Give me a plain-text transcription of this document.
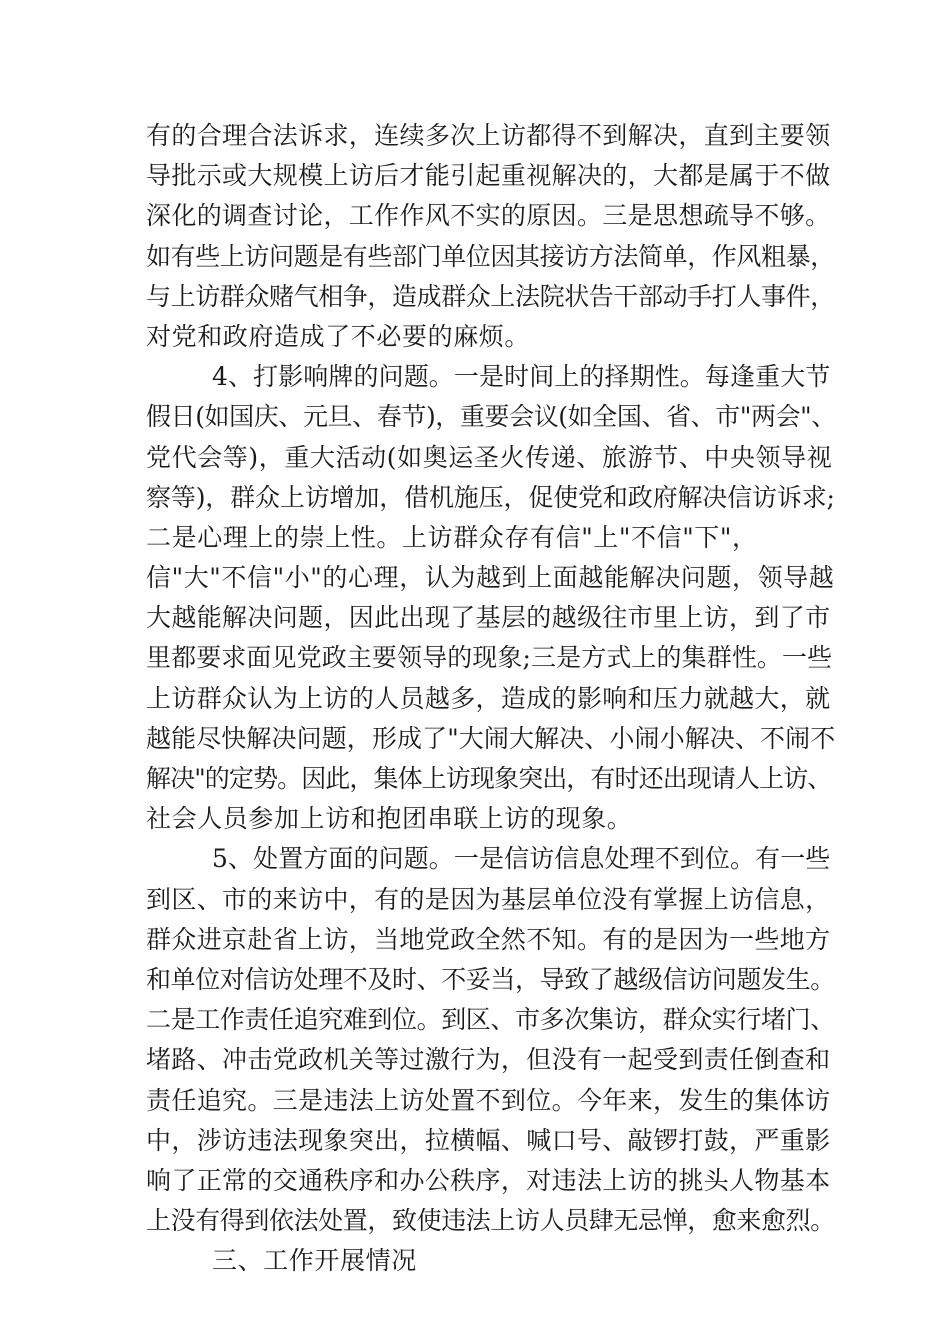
有的合理合法诉求，连续多次上访都得不到解决，直到主要领
导批示或大规模上访后才能引起重视解决的，大都是属于不做
深化的调查讨论，工作作风不实的原因。三是思想疏导不够。
如有些上访问题是有些部门单位因其接访方法简单，作风粗暴，
与上访群众赌气相争，造成群众上法院状告干部动手打人事件，
对党和政府造成了不必要的麻烦。
4、打影响牌的问题。一是时间上的择期性。每逢重大节
假日(如国庆、元旦、春节)，重要会议(如全国、省、市"两会"、
党代会等)，重大活动(如奥运圣火传递、旅游节、中央领导视
察等)，群众上访增加，借机施压，促使党和政府解决信访诉求;
二是心理上的崇上性。上访群众存有信"上"不信"下"，
信"大"不信"小"的心理，认为越到上面越能解决问题，领导越
大越能解决问题，因此出现了基层的越级往市里上访，到了市
里都要求面见党政主要领导的现象;三是方式上的集群性。一些
上访群众认为上访的人员越多，造成的影响和压力就越大，就
越能尽快解决问题，形成了"大闹大解决、小闹小解决、不闹不
解决"的定势。因此，集体上访现象突出，有时还出现请人上访、
社会人员参加上访和抱团串联上访的现象。
5、处置方面的问题。一是信访信息处理不到位。有一些
到区、市的来访中，有的是因为基层单位没有掌握上访信息，
群众进京赴省上访，当地党政全然不知。有的是因为一些地方
和单位对信访处理不及时、不妥当，导致了越级信访问题发生。
二是工作责任追究难到位。到区、市多次集访，群众实行堵门、
堵路、冲击党政机关等过激行为，但没有一起受到责任倒查和
责任追究。三是违法上访处置不到位。今年来，发生的集体访
中，涉访违法现象突出，拉横幅、喊口号、敲锣打鼓，严重影
响了正常的交通秩序和办公秩序，对违法上访的挑头人物基本
上没有得到依法处置，致使违法上访人员肆无忌惮，愈来愈烈。
三、工作开展情况
